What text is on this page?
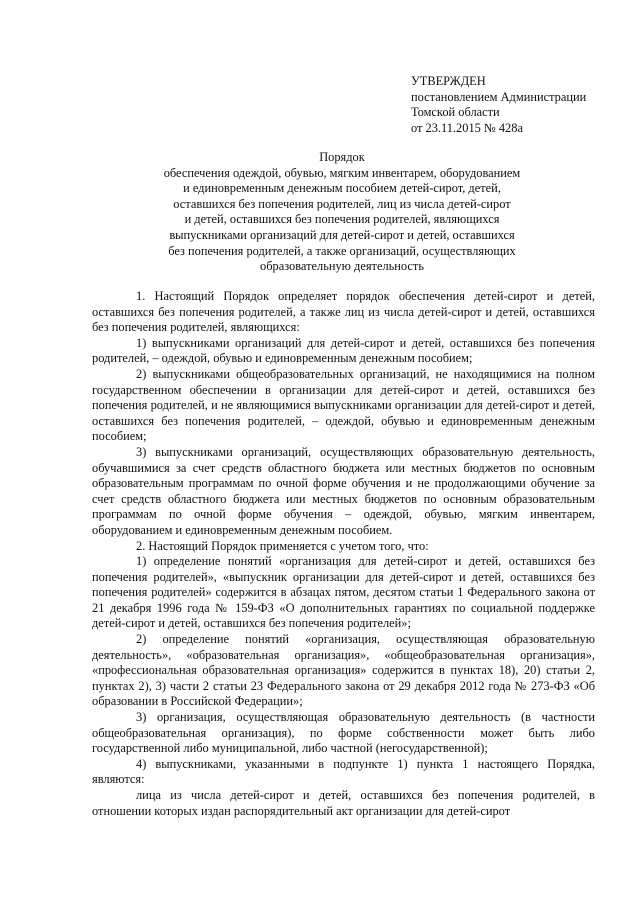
УТВЕРЖДЕН
постановлением Администрации
Томской области
от 23.11.2015 № 428а
Порядок
обеспечения одеждой, обувью, мягким инвентарем, оборудованием
и единовременным денежным пособием детей-сирот, детей,
оставшихся без попечения родителей, лиц из числа детей-сирот
и детей, оставшихся без попечения родителей, являющихся
выпускниками организаций для детей-сирот и детей, оставшихся
без попечения родителей, а также организаций, осуществляющих
образовательную деятельность

1. Настоящий Порядок определяет порядок обеспечения детей-сирот и детей, оставшихся без попечения родителей, а также лиц из числа детей-сирот и детей, оставшихся без попечения родителей, являющихся:

1) выпускниками организаций для детей-сирот и детей, оставшихся без попечения родителей, – одеждой, обувью и единовременным денежным пособием;

2) выпускниками общеобразовательных организаций, не находящимися на полном государственном обеспечении в организации для детей-сирот и детей, оставшихся без попечения родителей, и не являющимися выпускниками организации для детей-сирот и детей, оставшихся без попечения родителей, – одеждой, обувью и единовременным денежным пособием;

3) выпускниками организаций, осуществляющих образовательную деятельность, обучавшимися за счет средств областного бюджета или местных бюджетов по основным образовательным программам по очной форме обучения и не продолжающими обучение за счет средств областного бюджета или местных бюджетов по основным образовательным программам по очной форме обучения – одеждой, обувью, мягким инвентарем, оборудованием и единовременным денежным пособием.

2. Настоящий Порядок применяется с учетом того, что:

1) определение понятий «организация для детей-сирот и детей, оставшихся без попечения родителей», «выпускник организации для детей-сирот и детей, оставшихся без попечения родителей» содержится в абзацах пятом, десятом статьи 1 Федерального закона от 21 декабря 1996 года № 159-ФЗ «О дополнительных гарантиях по социальной поддержке детей-сирот и детей, оставшихся без попечения родителей»;

2) определение понятий «организация, осуществляющая образовательную деятельность», «образовательная организация», «общеобразовательная организация», «профессиональная образовательная организация» содержится в пунктах 18), 20) статьи 2, пунктах 2), 3) части 2 статьи 23 Федерального закона от 29 декабря 2012 года № 273-ФЗ «Об образовании в Российской Федерации»;

3) организация, осуществляющая образовательную деятельность (в частности общеобразовательная организация), по форме собственности может быть либо государственной либо муниципальной, либо частной (негосударственной);

4) выпускниками, указанными в подпункте 1) пункта 1 настоящего Порядка, являются:

лица из числа детей-сирот и детей, оставшихся без попечения родителей, в отношении которых издан распорядительный акт организации для детей-сирот
